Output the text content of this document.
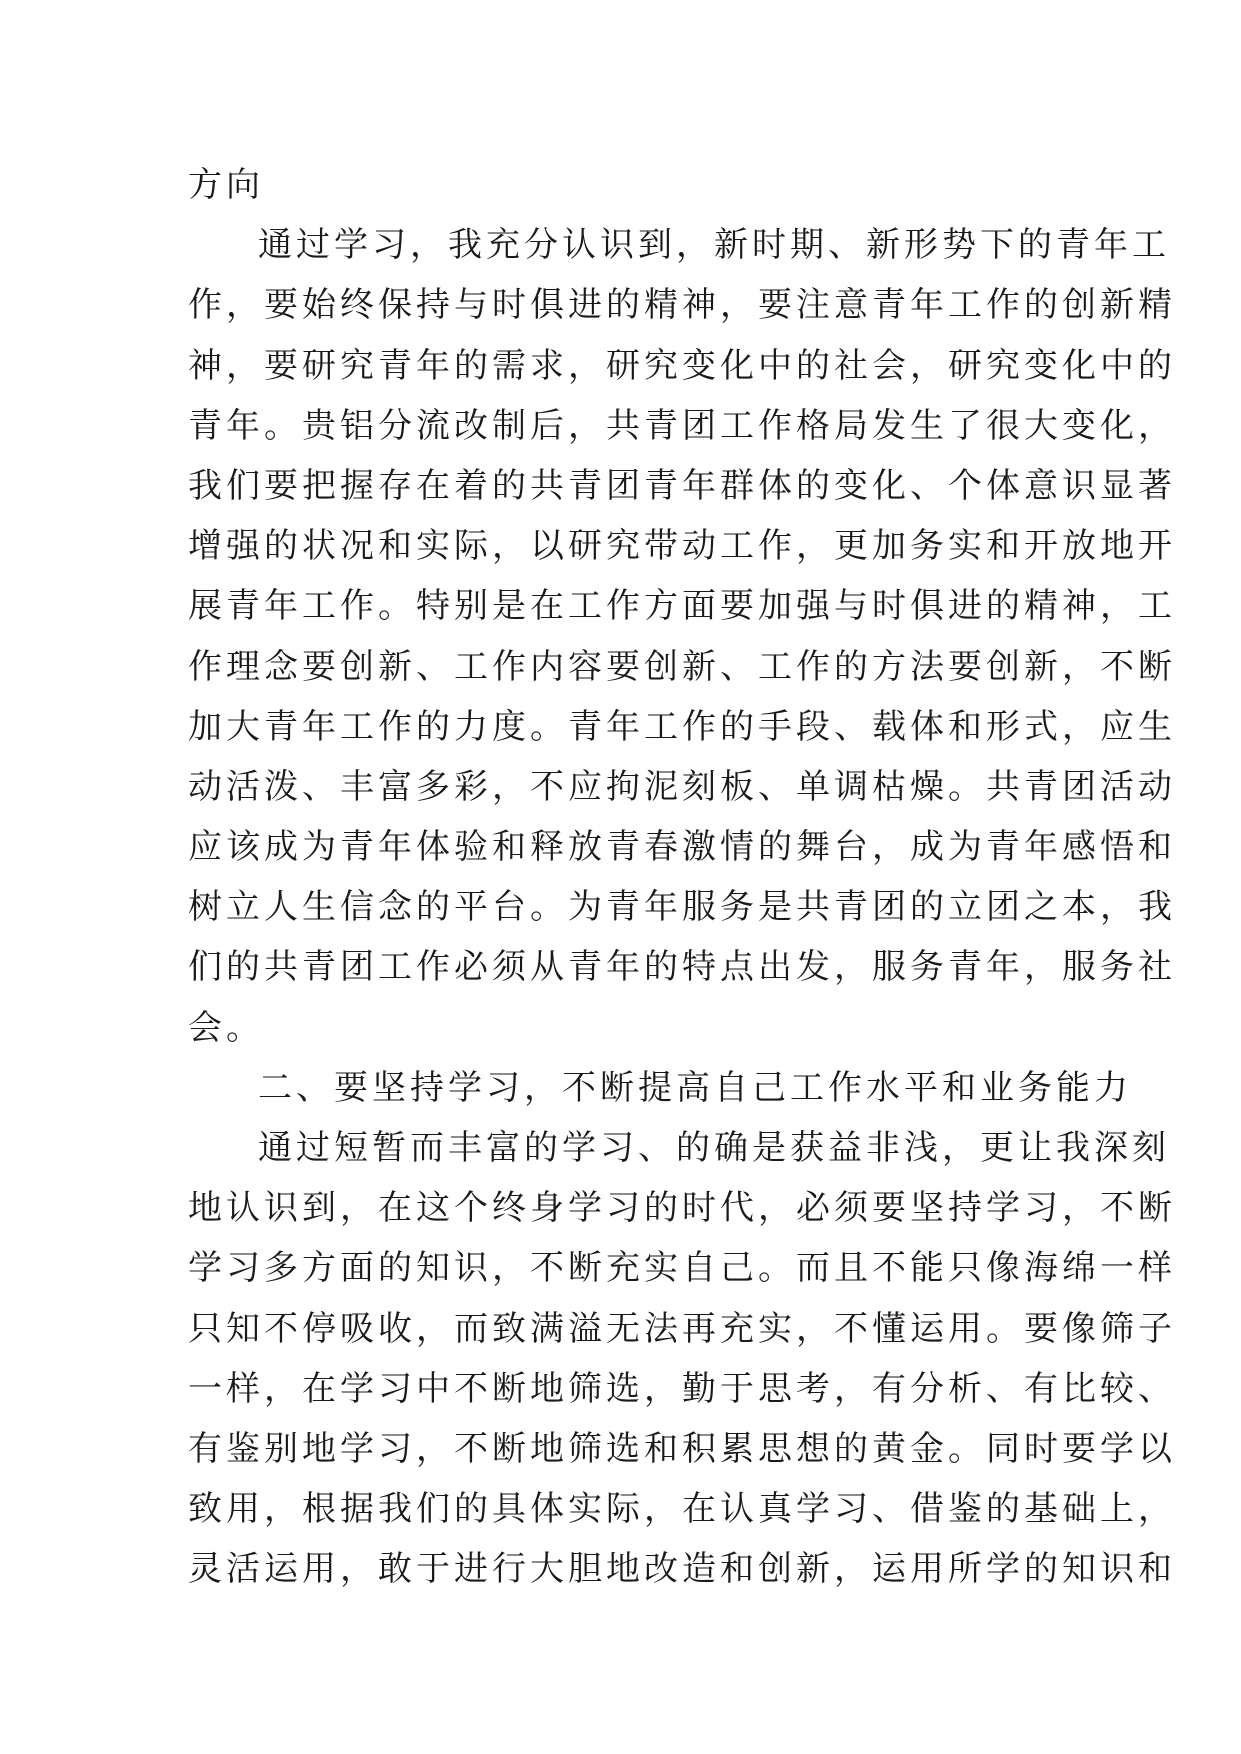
方向
通过学习，我充分认识到，新时期、新形势下的青年工
作，要始终保持与时俱进的精神，要注意青年工作的创新精
神，要研究青年的需求，研究变化中的社会，研究变化中的
青年。贵铝分流改制后，共青团工作格局发生了很大变化，
我们要把握存在着的共青团青年群体的变化、个体意识显著
增强的状况和实际，以研究带动工作，更加务实和开放地开
展青年工作。特别是在工作方面要加强与时俱进的精神，工
作理念要创新、工作内容要创新、工作的方法要创新，不断
加大青年工作的力度。青年工作的手段、载体和形式，应生
动活泼、丰富多彩，不应拘泥刻板、单调枯燥。共青团活动
应该成为青年体验和释放青春激情的舞台，成为青年感悟和
树立人生信念的平台。为青年服务是共青团的立团之本，我
们的共青团工作必须从青年的特点出发，服务青年，服务社
会。
二、要坚持学习，不断提高自己工作水平和业务能力
通过短暂而丰富的学习、的确是获益非浅，更让我深刻
地认识到，在这个终身学习的时代，必须要坚持学习，不断
学习多方面的知识，不断充实自己。而且不能只像海绵一样
只知不停吸收，而致满溢无法再充实，不懂运用。要像筛子
一样，在学习中不断地筛选，勤于思考，有分析、有比较、
有鉴别地学习，不断地筛选和积累思想的黄金。同时要学以
致用，根据我们的具体实际，在认真学习、借鉴的基础上，
灵活运用，敢于进行大胆地改造和创新，运用所学的知识和
